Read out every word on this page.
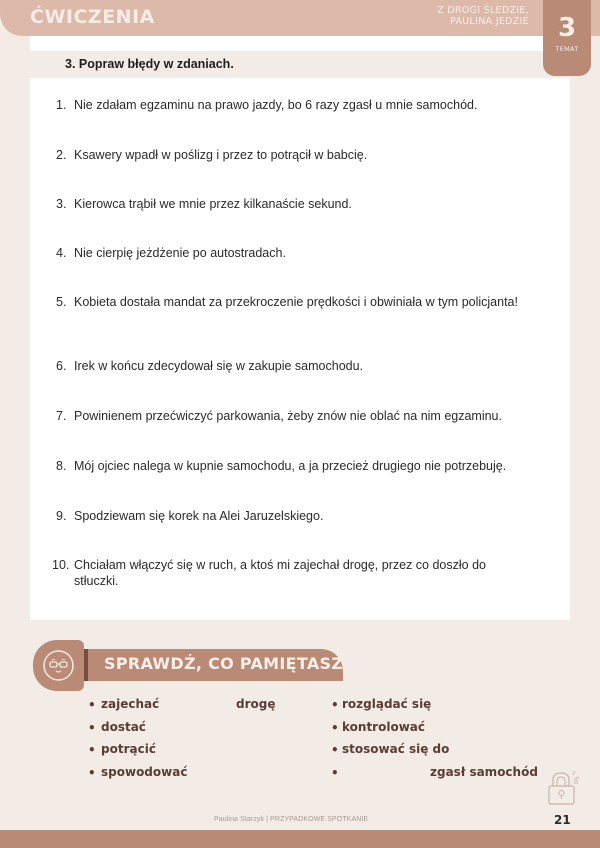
ĆWICZENIA	Z DROGI ŚLEDZIE,
PAULINA JEDZIE	3
TEMAT
3. Popraw błędy w zdaniach.
1. Nie zdałam egzaminu na prawo jazdy, bo 6 razy zgasł u mnie samochód.
2. Ksawery wpadł w poślizg i przez to potrącił w babcię.
3. Kierowca trąbił we mnie przez kilkanaście sekund.
4. Nie cierpię jeżdżenie po autostradach.
5. Kobieta dostała mandat za przekroczenie prędkości i obwiniała w tym policjanta!
6. Irek w końcu zdecydował się w zakupie samochodu.
7. Powinienem przećwiczyć parkowania, żeby znów nie oblać na nim egzaminu.
8. Mój ojciec nalega w kupnie samochodu, a ja przecież drugiego nie potrzebuję.
9. Spodziewam się korek na Alei Jaruzelskiego.
10. Chciałam włączyć się w ruch, a ktoś mi zajechał drogę, przez co doszło do stłuczki.
SPRAWDŹ, CO PAMIĘTASZ
• zajechać	drogę
• dostać
• potrącić
• spowodować
• rozglądać się
• kontrolować
• stosować się do
•	zgasł samochód
Paulina Starzyk | PRZYPADKOWE SPOTKANIE	21
